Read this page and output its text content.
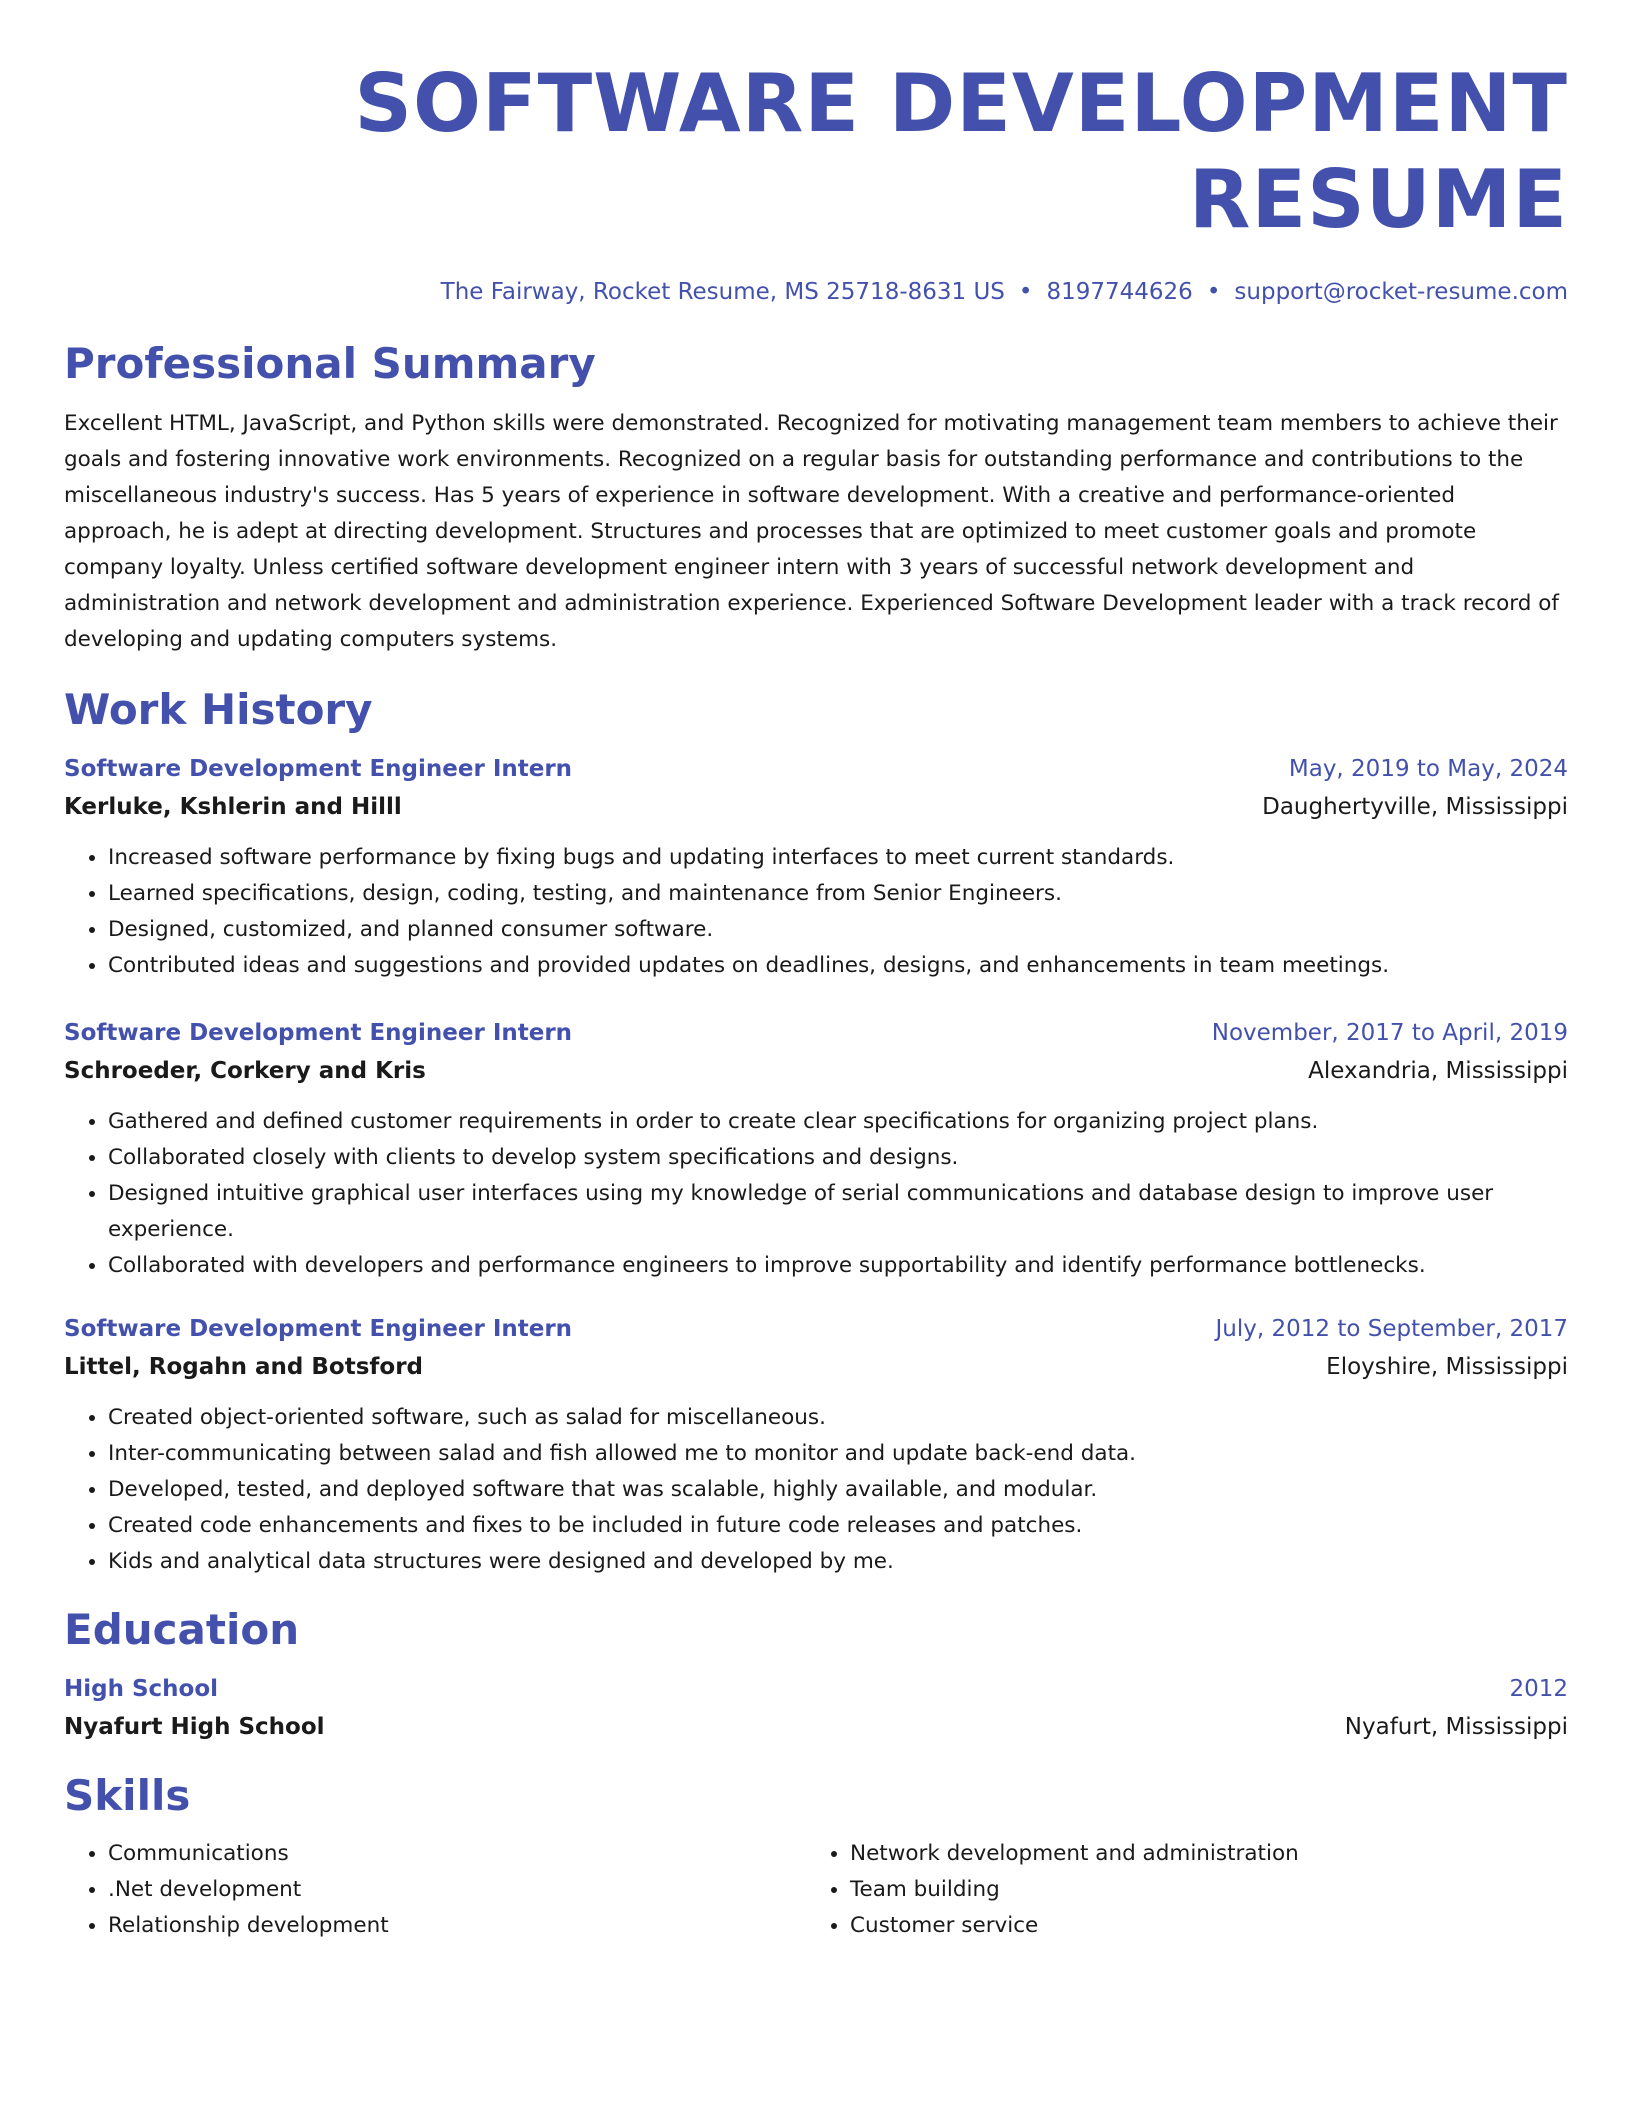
SOFTWARE DEVELOPMENT RESUME
The Fairway, Rocket Resume, MS 25718-8631 US • 8197744626 • support@rocket-resume.com
Professional Summary

Excellent HTML, JavaScript, and Python skills were demonstrated. Recognized for motivating management team members to achieve their goals and fostering innovative work environments. Recognized on a regular basis for outstanding performance and contributions to the miscellaneous industry's success. Has 5 years of experience in software development. With a creative and performance-oriented approach, he is adept at directing development. Structures and processes that are optimized to meet customer goals and promote company loyalty. Unless certified software development engineer intern with 3 years of successful network development and administration and network development and administration experience. Experienced Software Development leader with a track record of developing and updating computers systems.

Work History
Software Development Engineer Intern	May, 2019 to May, 2024
Kerluke, Kshlerin and Hilll	Daughertyville, Mississippi
• Increased software performance by fixing bugs and updating interfaces to meet current standards.
• Learned specifications, design, coding, testing, and maintenance from Senior Engineers.
• Designed, customized, and planned consumer software.
• Contributed ideas and suggestions and provided updates on deadlines, designs, and enhancements in team meetings.
Software Development Engineer Intern	November, 2017 to April, 2019
Schroeder, Corkery and Kris	Alexandria, Mississippi
• Gathered and defined customer requirements in order to create clear specifications for organizing project plans.
• Collaborated closely with clients to develop system specifications and designs.
• Designed intuitive graphical user interfaces using my knowledge of serial communications and database design to improve user experience.
• Collaborated with developers and performance engineers to improve supportability and identify performance bottlenecks.
Software Development Engineer Intern	July, 2012 to September, 2017
Littel, Rogahn and Botsford	Eloyshire, Mississippi
• Created object-oriented software, such as salad for miscellaneous.
• Inter-communicating between salad and fish allowed me to monitor and update back-end data.
• Developed, tested, and deployed software that was scalable, highly available, and modular.
• Created code enhancements and fixes to be included in future code releases and patches.
• Kids and analytical data structures were designed and developed by me.
Education
High School	2012
Nyafurt High School	Nyafurt, Mississippi
Skills
• Communications
• .Net development
• Relationship development
• Network development and administration
• Team building
• Customer service
